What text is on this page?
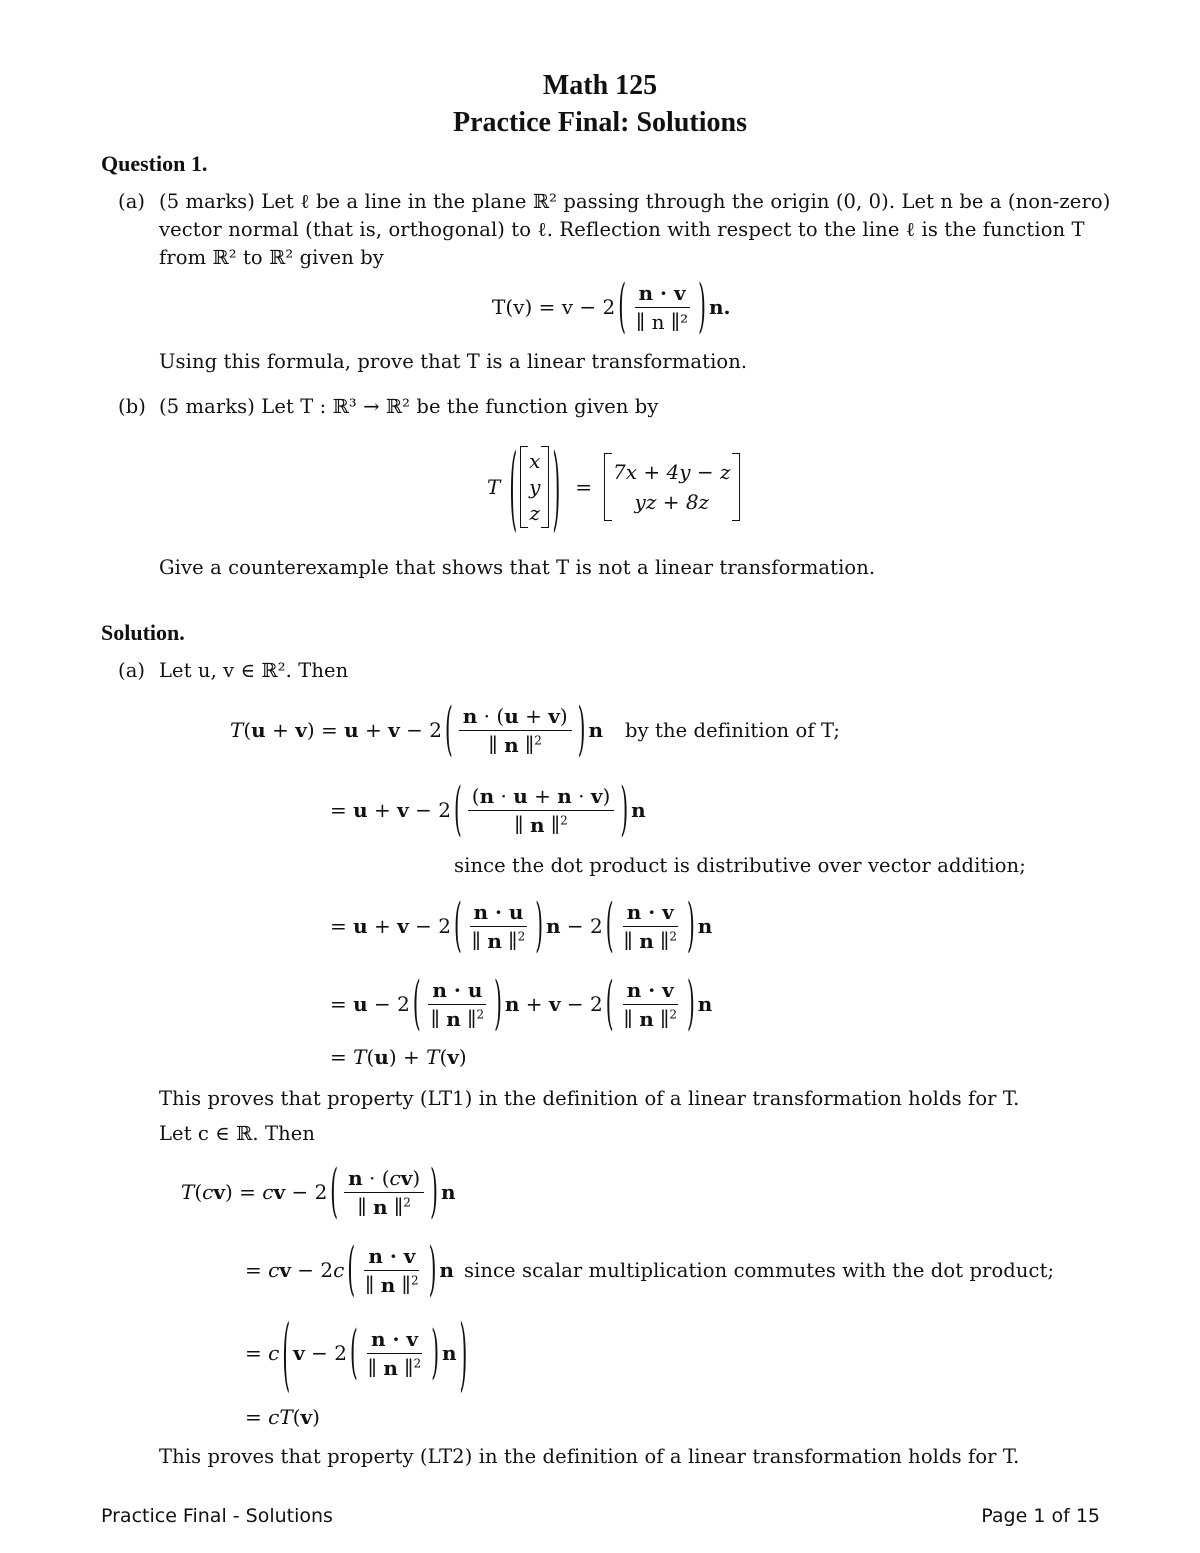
Math 125
Practice Final: Solutions
Question 1.
(a) (5 marks) Let ℓ be a line in the plane ℝ² passing through the origin (0, 0). Let n be a (non-zero)
vector normal (that is, orthogonal) to ℓ. Reflection with respect to the line ℓ is the function T
from ℝ² to ℝ² given by
T(v) = v − 2 ( $\frac{n \cdot v}{\text{∥ n ∥²}}$ ) n.
Using this formula, prove that T is a linear transformation.
(b) (5 marks) Let T : ℝ³ → ℝ² be the function given by
T ( x
y
z ) =
7x + 4y − z
yz + 8z
Give a counterexample that shows that T is not a linear transformation.
Solution.
(a) Let u, v ∈ ℝ². Then
T(u + v) = u + v − 2 ( $\frac{n \cdot (u + v)}{\parallel n \parallel^2}$ ) n by the definition of T;
= u + v − 2 ( $\frac{(n \cdot u + n \cdot v)}{\parallel n \parallel^2}$ ) n
since the dot product is distributive over vector addition;
= u + v − 2 ( $\frac{n \cdot u}{\parallel n \parallel^2}$ ) n − 2 ( $\frac{n \cdot v}{\parallel n \parallel^2}$ ) n
= u − 2 ( $\frac{n \cdot u}{\parallel n \parallel^2}$ ) n + v − 2 ( $\frac{n \cdot v}{\parallel n \parallel^2}$ ) n
= T(u) + T(v)
This proves that property (LT1) in the definition of a linear transformation holds for T.
Let c ∈ ℝ. Then
T(cv) = cv − 2 ( $\frac{n \cdot (cv)}{\parallel n \parallel^2}$ ) n
= cv − 2c ( $\frac{n \cdot v}{\parallel n \parallel^2}$ ) n since scalar multiplication commutes with the dot product;
= c ( v − 2 ( $\frac{n \cdot v}{\parallel n \parallel^2}$ ) n )
= cT(v)
This proves that property (LT2) in the definition of a linear transformation holds for T.
Practice Final - Solutions	Page 1 of 15
